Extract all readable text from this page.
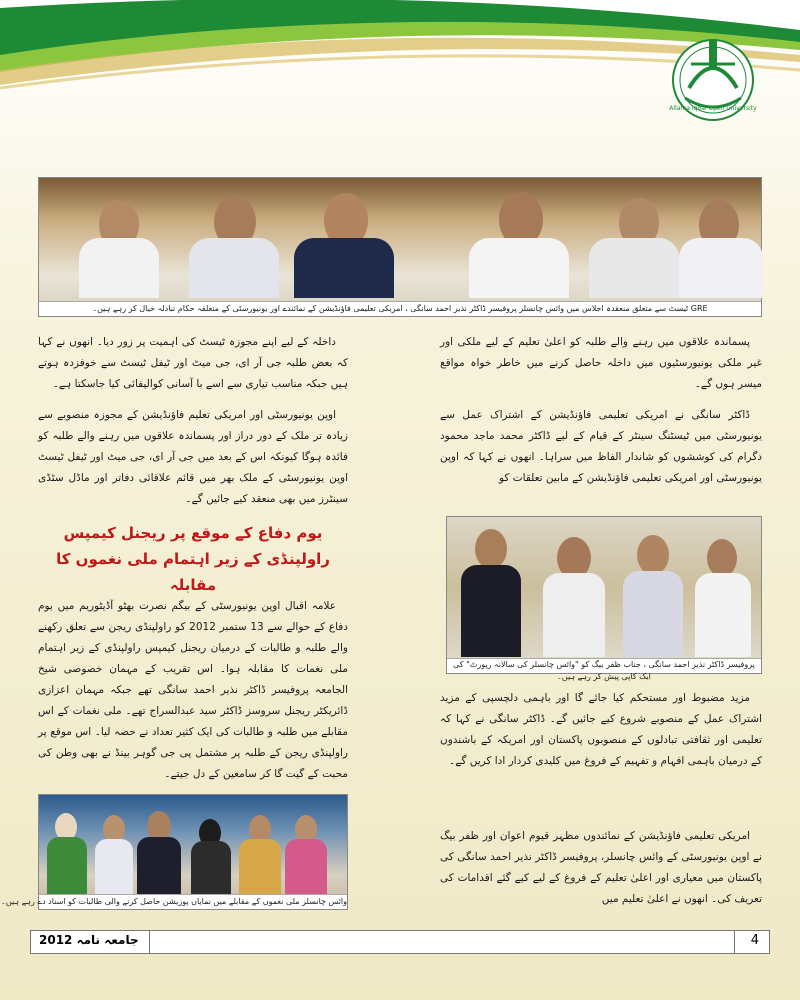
Allama Iqbal Open University
GRE ٹیسٹ سے متعلق منعقدہ اجلاس میں وائس چانسلر پروفیسر ڈاکٹر نذیر احمد سانگی ، امریکی تعلیمی فاؤنڈیشن کے نمائندے اور یونیورسٹی کے متعلقہ حکام تبادلہ خیال کر رہے ہیں۔

پسماندہ علاقوں میں رہنے والے طلبہ کو اعلیٰ تعلیم کے لیے ملکی اور غیر ملکی یونیورسٹیوں میں داخلہ حاصل کرنے میں خاطر خواہ مواقع میسر ہوں گے۔

ڈاکٹر سانگی نے امریکی تعلیمی فاؤنڈیشن کے اشتراک عمل سے یونیورسٹی میں ٹیسٹنگ سینٹر کے قیام کے لیے ڈاکٹر محمد ماجد محمود دگرام کی کوششوں کو شاندار الفاظ میں سراہا۔ انھوں نے کہا کہ اوپن یونیورسٹی اور امریکی تعلیمی فاؤنڈیشن کے مابین تعلقات کو

پروفیسر ڈاکٹر نذیر احمد سانگی ، جناب ظفر بیگ کو "وائس چانسلر کی سالانہ رپورٹ" کی ایک کاپی پیش کر رہے ہیں۔

مزید مضبوط اور مستحکم کیا جائے گا اور باہمی دلچسپی کے مزید اشتراک عمل کے منصوبے شروع کیے جائیں گے۔ ڈاکٹر سانگی نے کہا کہ تعلیمی اور ثقافتی تبادلوں کے منصوبوں پاکستان اور امریکہ کے باشندوں کے درمیان باہمی افہام و تفہیم کے فروغ میں کلیدی کردار ادا کریں گے۔

امریکی تعلیمی فاؤنڈیشن کے نمائندوں مظہر قیوم اعوان اور ظفر بیگ نے اوپن یونیورسٹی کے وائس چانسلر، پروفیسر ڈاکٹر نذیر احمد سانگی کی پاکستان میں معیاری اور اعلیٰ تعلیم کے فروغ کے لیے کیے گئے اقدامات کی تعریف کی۔ انھوں نے اعلیٰ تعلیم میں

داخلہ کے لیے اپنے مجوزہ ٹیسٹ کی اہمیت پر زور دیا۔ انھوں نے کہا کہ بعض طلبہ جی آر ای، جی میٹ اور ٹیفل ٹیسٹ سے خوفزدہ ہوتے ہیں جبکہ مناسب تیاری سے اسے با آسانی کوالیفائی کیا جاسکتا ہے۔

اوپن یونیورسٹی اور امریکی تعلیم فاؤنڈیشن کے مجوزہ منصوبے سے زیادہ تر ملک کے دور دراز اور پسماندہ علاقوں میں رہنے والے طلبہ کو فائدہ ہوگا کیونکہ اس کے بعد میں جی آر ای، جی میٹ اور ٹیفل ٹیسٹ اوپن یونیورسٹی کے ملک بھر میں قائم علاقائی دفاتر اور ماڈل سٹڈی سینٹرز میں بھی منعقد کیے جائیں گے۔

یوم دفاع کے موقع پر ریجنل کیمپس راولپنڈی کے زیر اہتمام ملی نغموں کا مقابلہ

علامہ اقبال اوپن یونیورسٹی کے بیگم نصرت بھٹو آڈیٹوریم میں یوم دفاع کے حوالے سے 13 ستمبر 2012 کو راولپنڈی ریجن سے تعلق رکھنے والے طلبہ و طالبات کے درمیان ریجنل کیمپس راولپنڈی کے زیر اہتمام ملی نغمات کا مقابلہ ہوا۔ اس تقریب کے مہمان خصوصی شیخ الجامعہ پروفیسر ڈاکٹر نذیر احمد سانگی تھے جبکہ مہمان اعزازی ڈائریکٹر ریجنل سروسز ڈاکٹر سید عبدالسراج تھے۔ ملی نغمات کے اس مقابلے میں طلبہ و طالبات کی ایک کثیر تعداد نے حصہ لیا۔ اس موقع پر راولپنڈی ریجن کے طلبہ پر مشتمل پی جی گوہر بینڈ نے بھی وطن کی محبت کے گیت گا کر سامعین کے دل جیتے۔

وائس چانسلر ملی نغموں کے مقابلے میں نمایاں پوزیشن حاصل کرنے والی طالبات کو اسناد دے رہے ہیں۔
جامعہ نامہ 2012	4
